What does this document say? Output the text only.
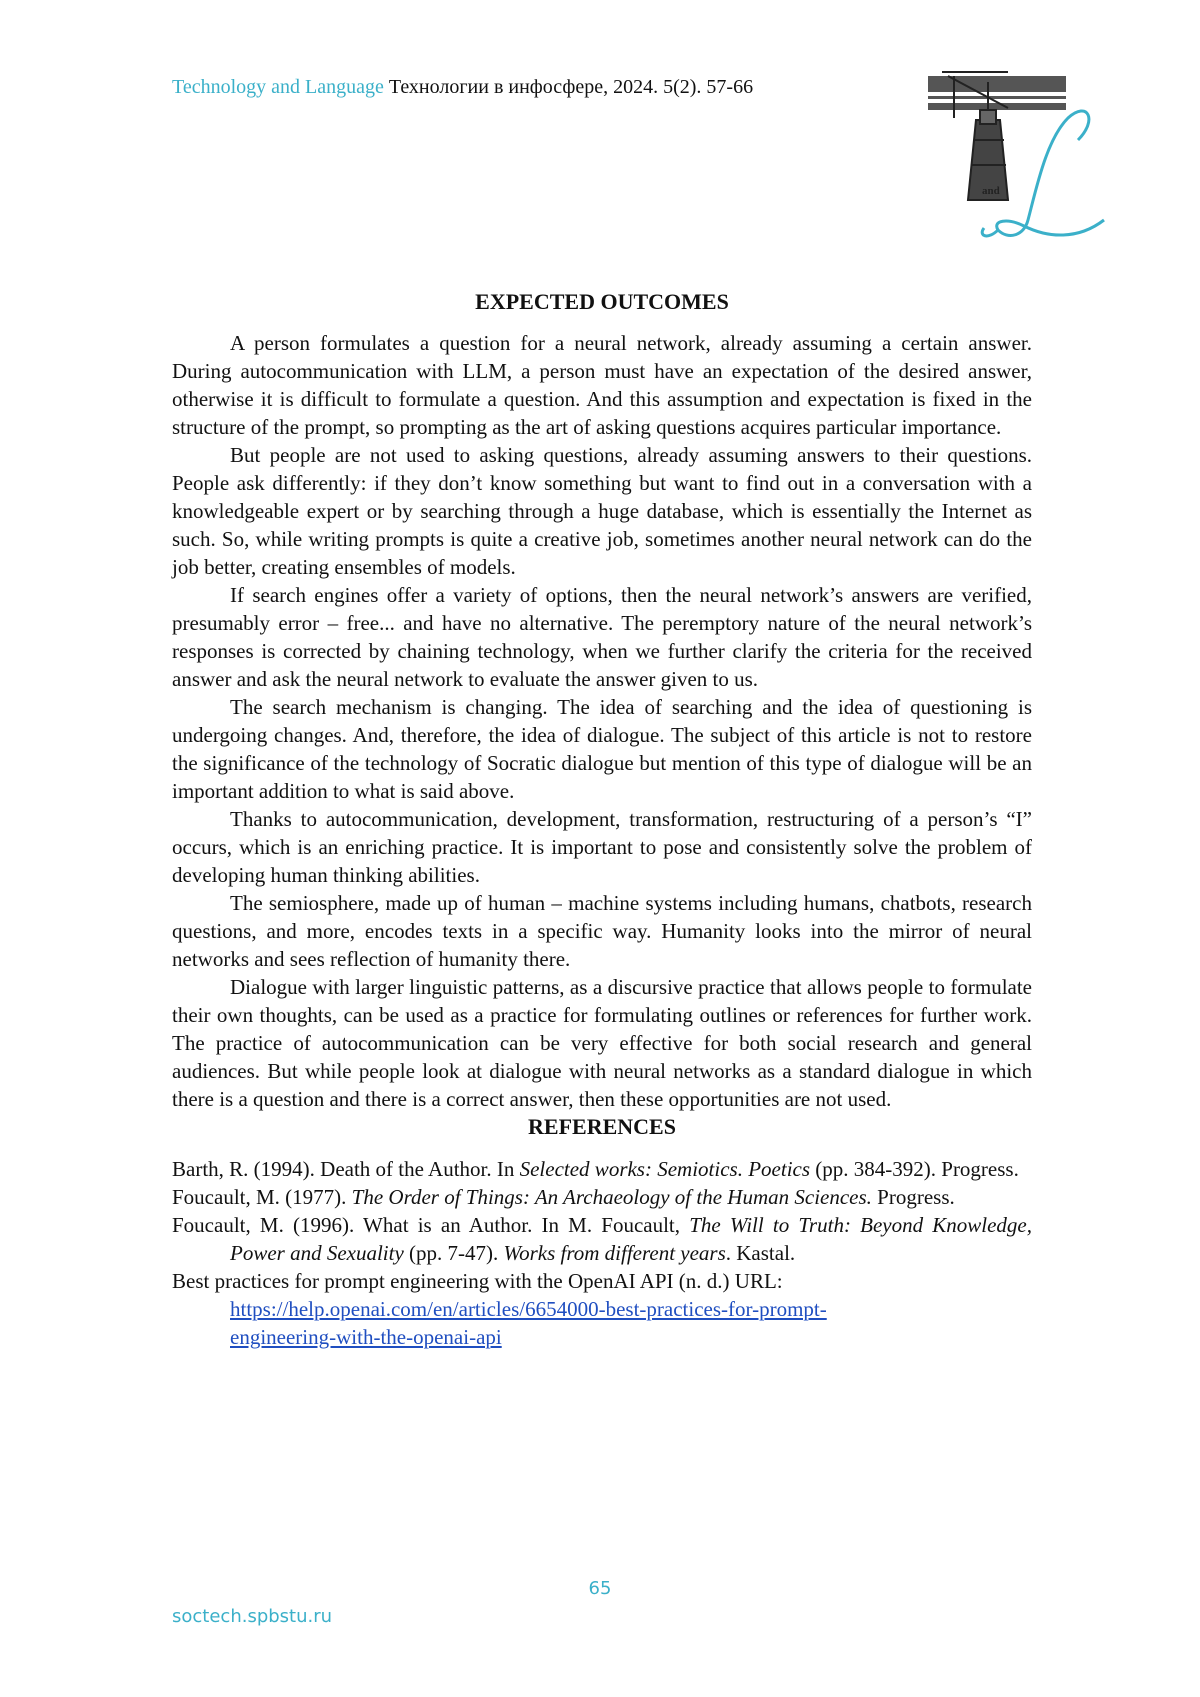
Technology and Language Технологии в инфосфере, 2024. 5(2). 57-66
and
EXPECTED OUTCOMES

A person formulates a question for a neural network, already assuming a certain answer. During autocommunication with LLM, a person must have an expectation of the desired answer, otherwise it is difficult to formulate a question. And this assumption and expectation is fixed in the structure of the prompt, so prompting as the art of asking questions acquires particular importance.

But people are not used to asking questions, already assuming answers to their questions. People ask differently: if they don’t know something but want to find out in a conversation with a knowledgeable expert or by searching through a huge database, which is essentially the Internet as such. So, while writing prompts is quite a creative job, sometimes another neural network can do the job better, creating ensembles of models.

If search engines offer a variety of options, then the neural network’s answers are verified, presumably error – free... and have no alternative. The peremptory nature of the neural network’s responses is corrected by chaining technology, when we further clarify the criteria for the received answer and ask the neural network to evaluate the answer given to us.

The search mechanism is changing. The idea of searching and the idea of questioning is undergoing changes. And, therefore, the idea of dialogue. The subject of this article is not to restore the significance of the technology of Socratic dialogue but mention of this type of dialogue will be an important addition to what is said above.

Thanks to autocommunication, development, transformation, restructuring of a person’s “I” occurs, which is an enriching practice. It is important to pose and consistently solve the problem of developing human thinking abilities.

The semiosphere, made up of human – machine systems including humans, chatbots, research questions, and more, encodes texts in a specific way. Humanity looks into the mirror of neural networks and sees reflection of humanity there.

Dialogue with larger linguistic patterns, as a discursive practice that allows people to formulate their own thoughts, can be used as a practice for formulating outlines or references for further work. The practice of autocommunication can be very effective for both social research and general audiences. But while people look at dialogue with neural networks as a standard dialogue in which there is a question and there is a correct answer, then these opportunities are not used.

REFERENCES

Barth, R. (1994). Death of the Author. In Selected works: Semiotics. Poetics (pp. 384-392). Progress.

Foucault, M. (1977). The Order of Things: An Archaeology of the Human Sciences. Progress.

Foucault, M. (1996). What is an Author. In M. Foucault, The Will to Truth: Beyond Knowledge, Power and Sexuality (pp. 7-47). Works from different years. Kastal.

Best practices for prompt engineering with the OpenAI API (n. d.) URL:
https://help.openai.com/en/articles/6654000-best-practices-for-prompt-
engineering-with-the-openai-api

65
soctech.spbstu.ru
